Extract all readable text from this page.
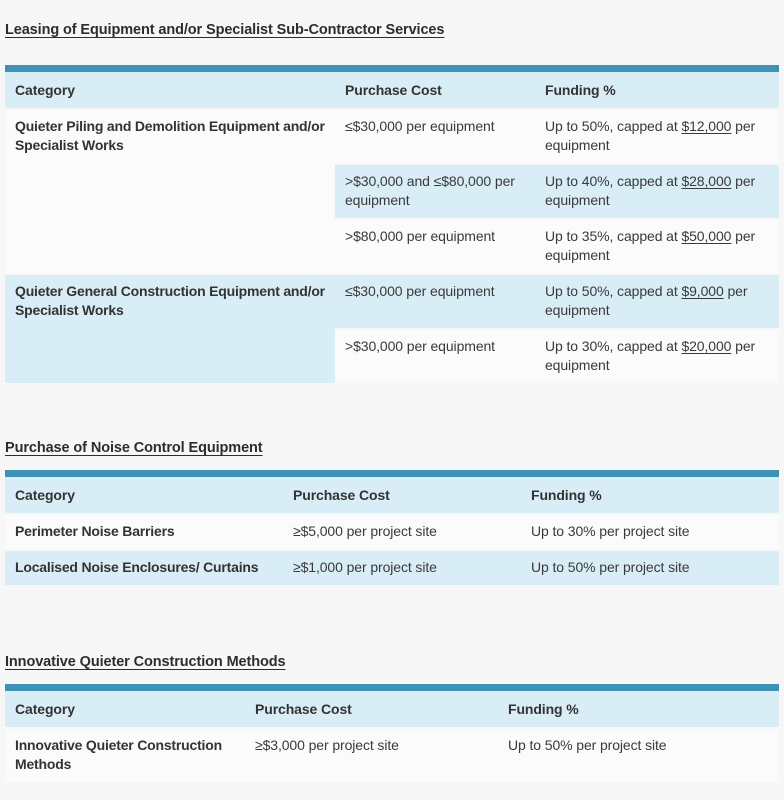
Leasing of Equipment and/or Specialist Sub-Contractor Services
Category	Purchase Cost	Funding %
Quieter Piling and Demolition Equipment and/or Specialist Works	≤$30,000 per equipment	Up to 50%, capped at $12,000 per equipment
	>$30,000 and ≤$80,000 per equipment	Up to 40%, capped at $28,000 per equipment
	>$80,000 per equipment	Up to 35%, capped at $50,000 per equipment
Quieter General Construction Equipment and/or Specialist Works	≤$30,000 per equipment	Up to 50%, capped at $9,000 per equipment
	>$30,000 per equipment	Up to 30%, capped at $20,000 per equipment
Purchase of Noise Control Equipment
Category	Purchase Cost	Funding %
Perimeter Noise Barriers	≥$5,000 per project site	Up to 30% per project site
Localised Noise Enclosures/ Curtains	≥$1,000 per project site	Up to 50% per project site
Innovative Quieter Construction Methods
Category	Purchase Cost	Funding %
Innovative Quieter Construction Methods	≥$3,000 per project site	Up to 50% per project site
